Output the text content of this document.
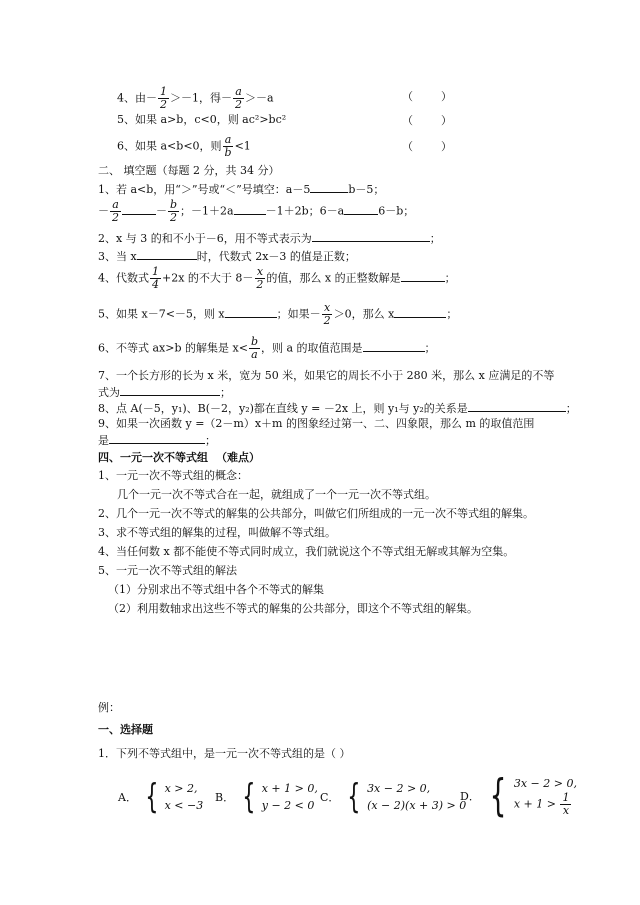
4、由－ $\frac{1}{2} >-1$，得－ $\frac{a}{2} >-a$	（        ）
5、如果 a>b，c<0，则 ac²>bc²	（        ）
6、如果 a<b<0，则 $\frac{a}{b} <1$	（        ）
二、 填空题（每题 2 分，共 34 分）
1、若 a<b，用“＞”号或“＜”号填空：a－5	b－5；
－ $\frac{a}{2}$	－ $\frac{b}{2}$ ；－1＋2a	－1＋2b；6－a	6－b；
2、x 与 3 的和不小于－6，用不等式表示为	；
3、当 x	时，代数式 2x－3 的值是正数；
4、代数式 $\frac{1}{4} +2x$ 的不大于 $8- \frac{x}{2}$ 的值，那么 x 的正整数解是	；
5、如果 x－7<－5，则 x	；如果－ $\frac{x}{2} >0$，那么 x	；
6、不等式 ax>b 的解集是 $x< \frac{b}{a}$ ，则 a 的取值范围是	；
7、一个长方形的长为 x 米，宽为 50 米，如果它的周长不小于 280 米，那么 x 应满足的不等
式为	；
8、点 A(－5，y₁)、B(－2，y₂)都在直线 y = －2x 上，则 y₁与 y₂的关系是	；
9、如果一次函数 y =（2－m）x＋m 的图象经过第一、二、四象限，那么 m 的取值范围
是	；
四、一元一次不等式组 （难点）
1、一元一次不等式组的概念：
几个一元一次不等式合在一起，就组成了一个一元一次不等式组。
2、几个一元一次不等式的解集的公共部分，叫做它们所组成的一元一次不等式组的解集。
3、求不等式组的解集的过程，叫做解不等式组。
4、当任何数 x 都不能使不等式同时成立，我们就说这个不等式组无解或其解为空集。
5、一元一次不等式组的解法
（1）分别求出不等式组中各个不等式的解集
（2）利用数轴求出这些不等式的解集的公共部分，即这个不等式组的解集。
例：
一、选择题
1．下列不等式组中，是一元一次不等式组的是（ ）
A． { x > 2,
x < −3
B． { x + 1 > 0,
y − 2 < 0
C． { 3x − 2 > 0,
(x − 2)(x + 3) > 0
D． { 3x − 2 > 0,
$x + 1 > \frac{1}{x}$
